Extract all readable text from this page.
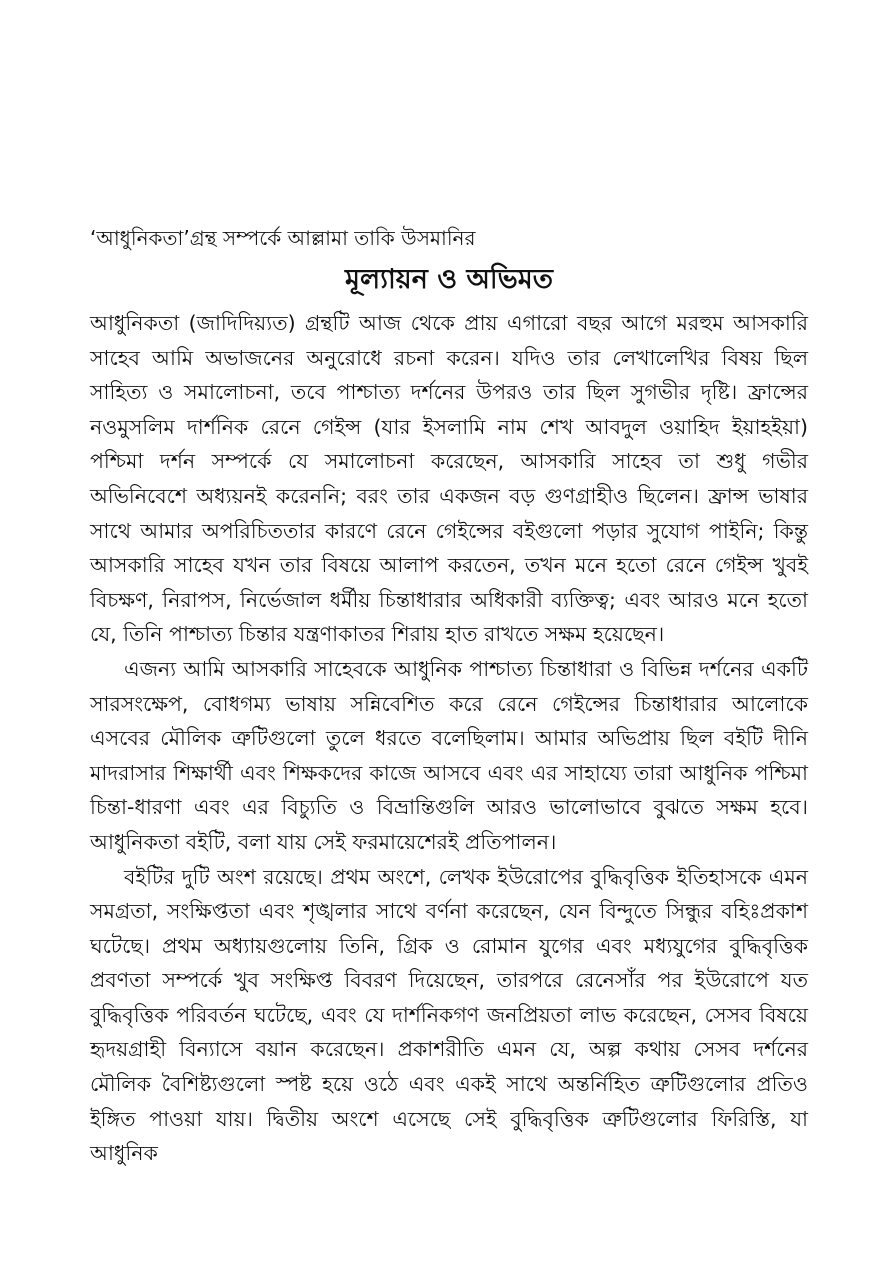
‘আধুনিকতা’গ্রন্থ সম্পর্কে আল্লামা তাকি উসমানির
মূল্যায়ন ও অভিমত

আধুনিকতা (জাদিদিয়্যত) গ্রন্থটি আজ থেকে প্রায় এগারো বছর আগে মরহুম আসকারি সাহেব আমি অভাজনের অনুরোধে রচনা করেন। যদিও তার লেখালেখির বিষয় ছিল সাহিত্য ও সমালোচনা, তবে পাশ্চাত্য দর্শনের উপরও তার ছিল সুগভীর দৃষ্টি। ফ্রান্সের নওমুসলিম দার্শনিক রেনে গেইন্স (যার ইসলামি নাম শেখ আবদুল ওয়াহিদ ইয়াহইয়া) পশ্চিমা দর্শন সম্পর্কে যে সমালোচনা করেছেন, আসকারি সাহেব তা শুধু গভীর অভিনিবেশে অধ্যয়নই করেননি; বরং তার একজন বড় গুণগ্রাহীও ছিলেন। ফ্রান্স ভাষার সাথে আমার অপরিচিততার কারণে রেনে গেইন্সের বইগুলো পড়ার সুযোগ পাইনি; কিন্তু আসকারি সাহেব যখন তার বিষয়ে আলাপ করতেন, তখন মনে হতো রেনে গেইন্স খুবই বিচক্ষণ, নিরাপস, নির্ভেজাল ধর্মীয় চিন্তাধারার অধিকারী ব্যক্তিত্ব; এবং আরও মনে হতো যে, তিনি পাশ্চাত্য চিন্তার যন্ত্রণাকাতর শিরায় হাত রাখতে সক্ষম হয়েছেন।

এজন্য আমি আসকারি সাহেবকে আধুনিক পাশ্চাত্য চিন্তাধারা ও বিভিন্ন দর্শনের একটি সারসংক্ষেপ, বোধগম্য ভাষায় সন্নিবেশিত করে রেনে গেইন্সের চিন্তাধারার আলোকে এসবের মৌলিক ত্রুটিগুলো তুলে ধরতে বলেছিলাম। আমার অভিপ্রায় ছিল বইটি দীনি মাদরাসার শিক্ষার্থী এবং শিক্ষকদের কাজে আসবে এবং এর সাহায্যে তারা আধুনিক পশ্চিমা চিন্তা-ধারণা এবং এর বিচ্যুতি ও বিভ্রান্তিগুলি আরও ভালোভাবে বুঝতে সক্ষম হবে। আধুনিকতা বইটি, বলা যায় সেই ফরমায়েশেরই প্রতিপালন।

বইটির দুটি অংশ রয়েছে। প্রথম অংশে, লেখক ইউরোপের বুদ্ধিবৃত্তিক ইতিহাসকে এমন সমগ্রতা, সংক্ষিপ্ততা এবং শৃঙ্খলার সাথে বর্ণনা করেছেন, যেন বিন্দুতে সিন্ধুর বহিঃপ্রকাশ ঘটেছে। প্রথম অধ্যায়গুলোয় তিনি, গ্রিক ও রোমান যুগের এবং মধ্যযুগের বুদ্ধিবৃত্তিক প্রবণতা সম্পর্কে খুব সংক্ষিপ্ত বিবরণ দিয়েছেন, তারপরে রেনেসাঁর পর ইউরোপে যত বুদ্ধিবৃত্তিক পরিবর্তন ঘটেছে, এবং যে দার্শনিকগণ জনপ্রিয়তা লাভ করেছেন, সেসব বিষয়ে হৃদয়গ্রাহী বিন্যাসে বয়ান করেছেন। প্রকাশরীতি এমন যে, অল্প কথায় সেসব দর্শনের মৌলিক বৈশিষ্ট্যগুলো স্পষ্ট হয়ে ওঠে এবং একই সাথে অন্তর্নিহিত ত্রুটিগুলোর প্রতিও ইঙ্গিত পাওয়া যায়। দ্বিতীয় অংশে এসেছে সেই বুদ্ধিবৃত্তিক ত্রুটিগুলোর ফিরিস্তি, যা আধুনিক
